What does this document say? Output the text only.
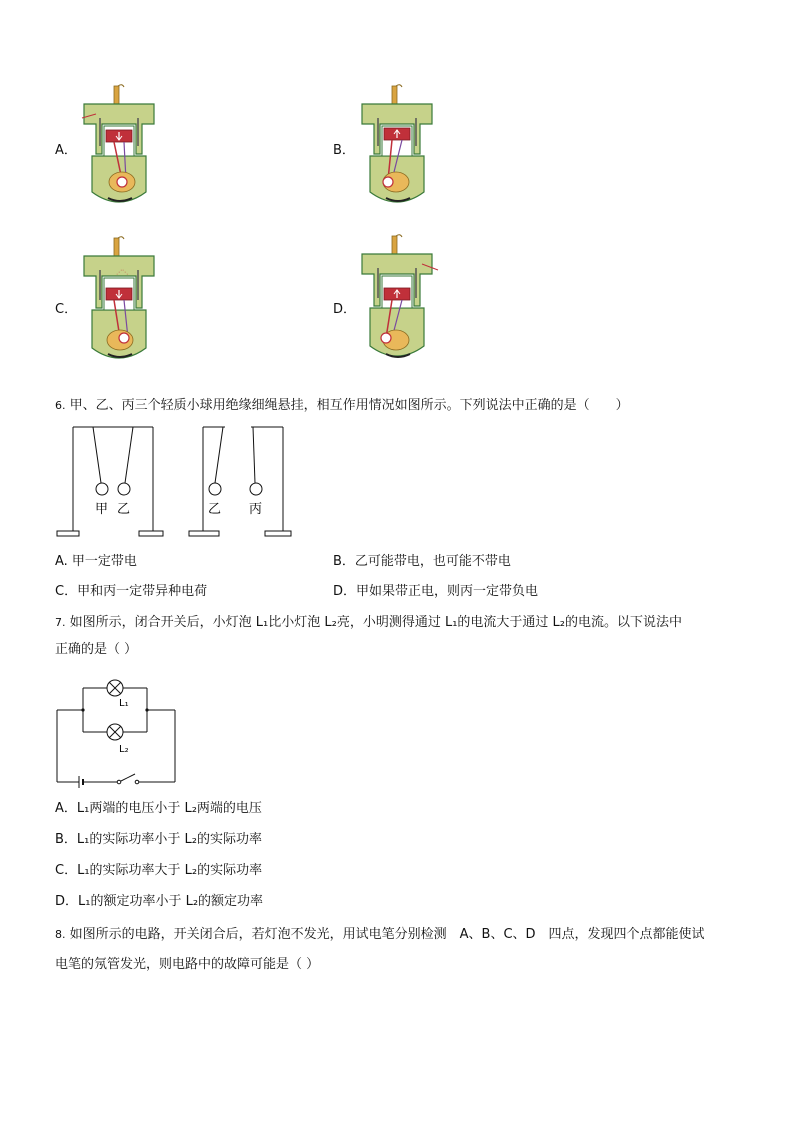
A．	B．
C．
⋰⋱
D．
6. 甲、乙、丙三个轻质小球用绝缘细绳悬挂，相互作用情况如图所示。下列说法中正确的是（　　）
甲 乙	乙 丙
A. 甲一定带电	B．乙可能带电，也可能不带电
C．甲和丙一定带异种电荷	D．甲如果带正电，则丙一定带负电
7. 如图所示，闭合开关后，小灯泡 L₁比小灯泡 L₂亮，小明测得通过 L₁的电流大于通过 L₂的电流。以下说法中
正确的是（ ）
L₁
L₂
A．L₁两端的电压小于 L₂两端的电压
B．L₁的实际功率小于 L₂的实际功率
C．L₁的实际功率大于 L₂的实际功率
D．L₁的额定功率小于 L₂的额定功率
8. 如图所示的电路，开关闭合后，若灯泡不发光，用试电笔分别检测　A、B、C、D　四点，发现四个点都能使试
电笔的氖管发光，则电路中的故障可能是（ ）
